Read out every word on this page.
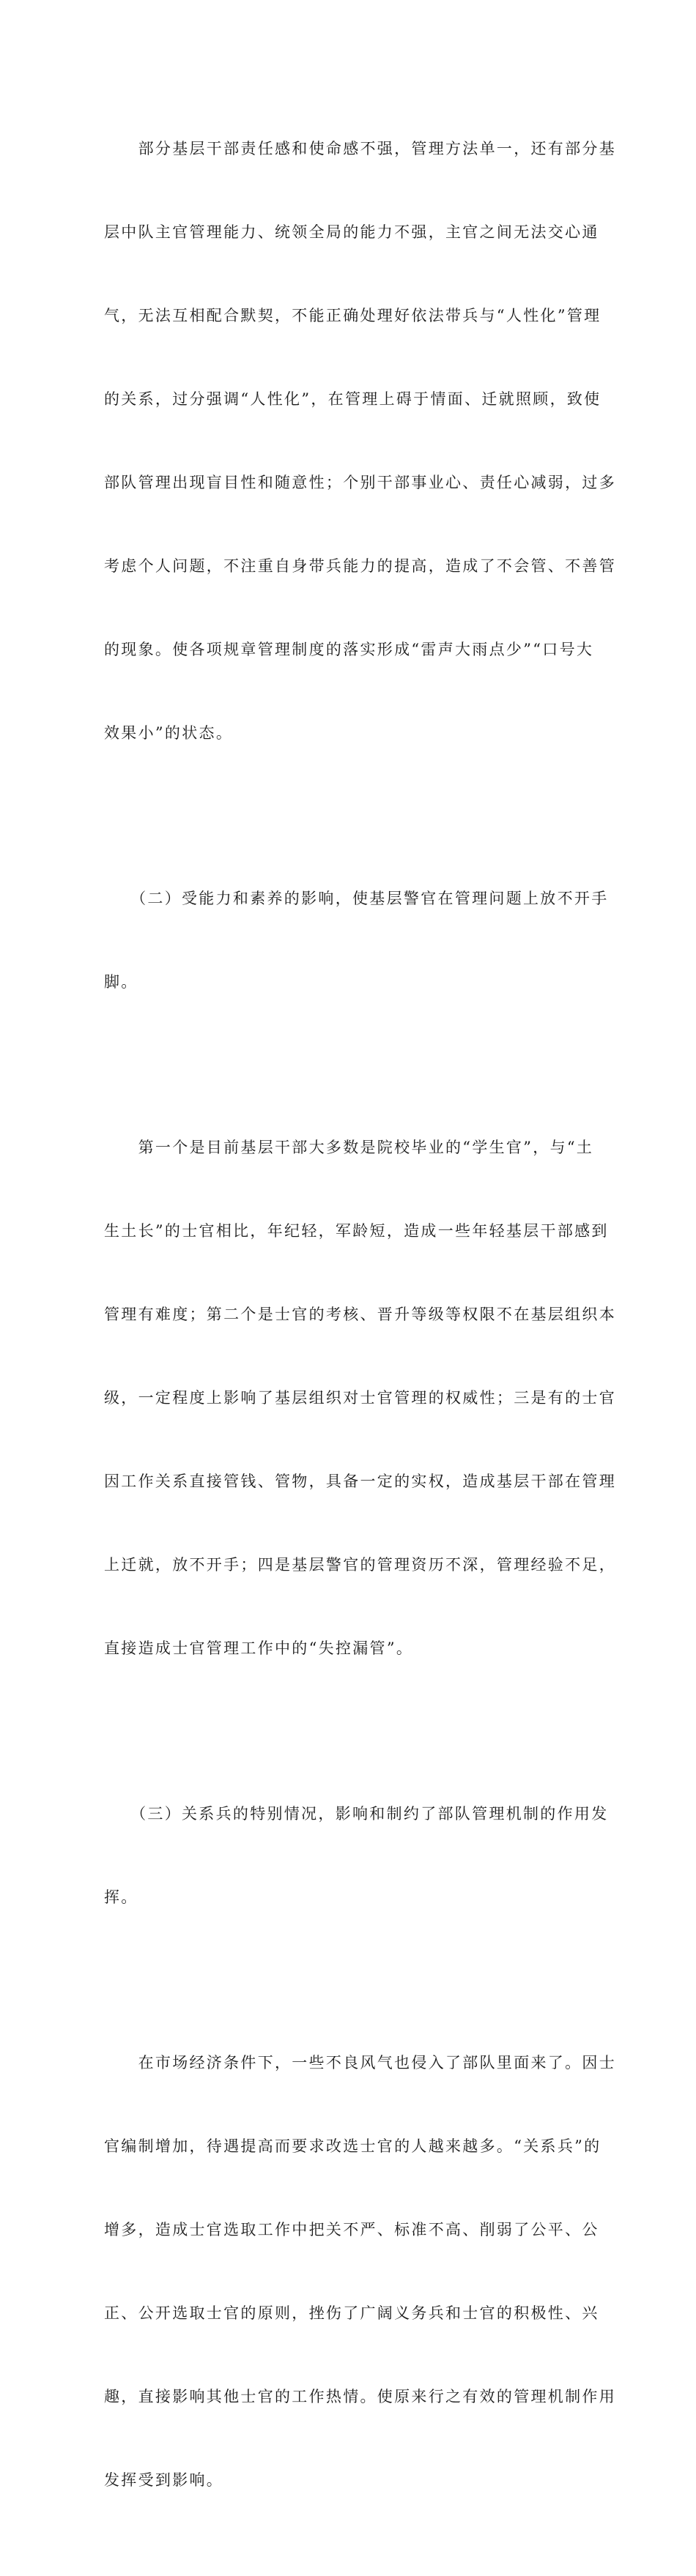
　　部分基层干部责任感和使命感不强，管理方法单一，还有部分基

层中队主官管理能力、统领全局的能力不强，主官之间无法交心通

气，无法互相配合默契，不能正确处理好依法带兵与“人性化”管理

的关系，过分强调“人性化”，在管理上碍于情面、迁就照顾，致使

部队管理出现盲目性和随意性；个别干部事业心、责任心减弱，过多

考虑个人问题，不注重自身带兵能力的提高，造成了不会管、不善管

的现象。使各项规章管理制度的落实形成“雷声大雨点少”“口号大

效果小”的状态。

　　（二）受能力和素养的影响，使基层警官在管理问题上放不开手

脚。

　　第一个是目前基层干部大多数是院校毕业的“学生官”，与“土

生土长”的士官相比，年纪轻，军龄短，造成一些年轻基层干部感到

管理有难度；第二个是士官的考核、晋升等级等权限不在基层组织本

级，一定程度上影响了基层组织对士官管理的权威性；三是有的士官

因工作关系直接管钱、管物，具备一定的实权，造成基层干部在管理

上迁就，放不开手；四是基层警官的管理资历不深，管理经验不足，

直接造成士官管理工作中的“失控漏管”。

　　（三）关系兵的特别情况，影响和制约了部队管理机制的作用发

挥。

　　在市场经济条件下，一些不良风气也侵入了部队里面来了。因士

官编制增加，待遇提高而要求改选士官的人越来越多。“关系兵”的

增多，造成士官选取工作中把关不严、标准不高、削弱了公平、公

正、公开选取士官的原则，挫伤了广阔义务兵和士官的积极性、兴

趣，直接影响其他士官的工作热情。使原来行之有效的管理机制作用

发挥受到影响。
